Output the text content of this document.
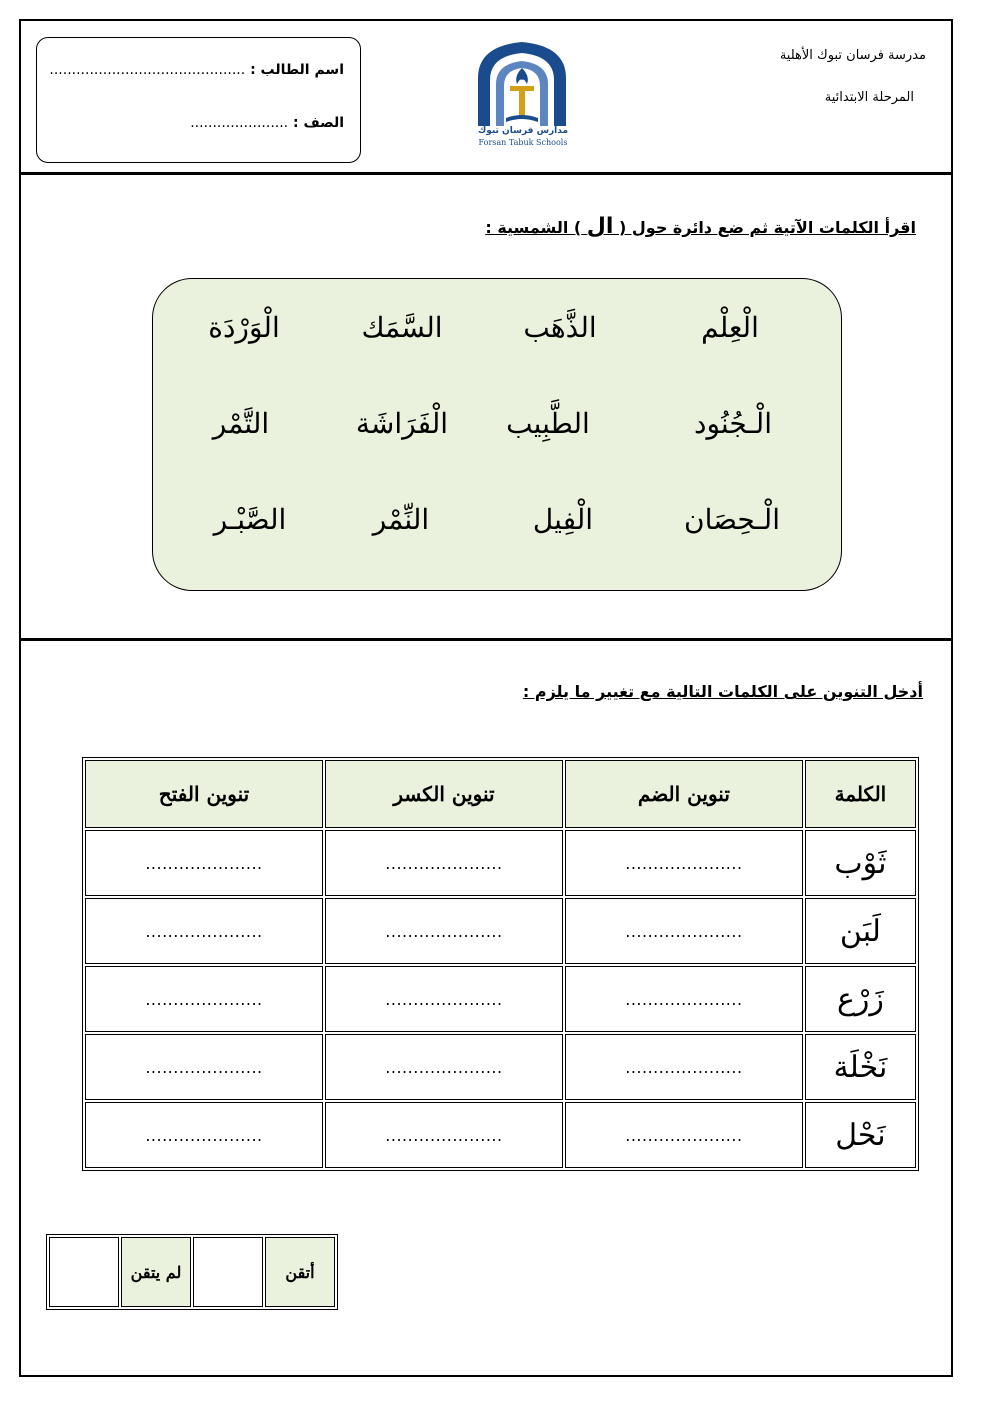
مدرسة فرسان تبوك الأهلية
المرحلة الابتدائية
مدارس فرسان تبوك
Forsan Tabuk Schools
اسم الطالب : ............................................
الصف : ......................
اقرأ الكلمات الآتية ثم ضع دائرة حول ( ال ) الشمسية :
الْعِلْم
الذَّهَب
السَّمَك
الْوَرْدَة
الْـجُنُود
الطَّبِيب
الْفَرَاشَة
التَّمْر
الْـحِصَان
الْفِيل
النِّمْر
الصَّبْـر
أدخل التنوين على الكلمات التالية مع تغيير ما يلزم :
الكلمة	تنوين الضم	تنوين الكسر	تنوين الفتح
ثَوْب	.....................	.....................	.....................
لَبَن	.....................	.....................	.....................
زَرْع	.....................	.....................	.....................
نَخْلَة	.....................	.....................	.....................
نَحْل	.....................	.....................	.....................
أتقن		لم يتقن	
